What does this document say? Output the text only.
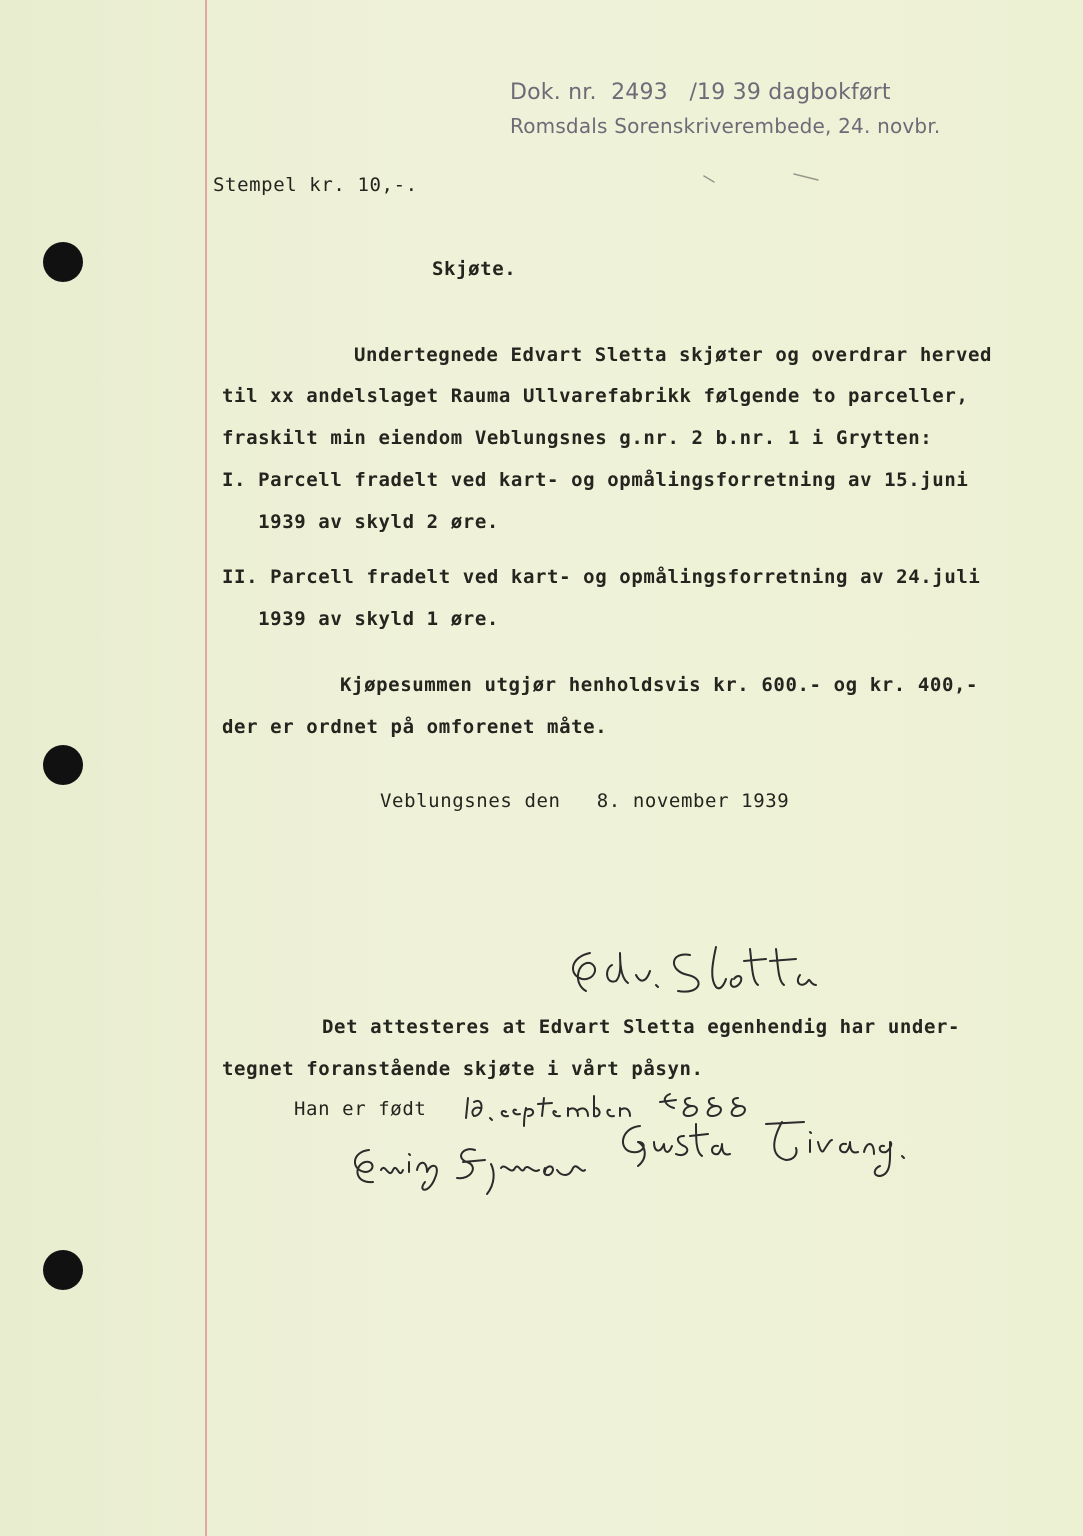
Dok. nr.  2493   /19 39 dagbokført
Romsdals Sorenskriverembede, 24. novbr.
Stempel kr. 10,-.
Skjøte.
Undertegnede Edvart Sletta skjøter og overdrar herved
til xx andelslaget Rauma Ullvarefabrikk følgende to parceller,
fraskilt min eiendom Veblungsnes g.nr. 2 b.nr. 1 i Grytten:
I. Parcell fradelt ved kart- og opmålingsforretning av 15.juni
1939 av skyld 2 øre.
II. Parcell fradelt ved kart- og opmålingsforretning av 24.juli
1939 av skyld 1 øre.
Kjøpesummen utgjør henholdsvis kr. 600.- og kr. 400,-
der er ordnet på omforenet måte.
Veblungsnes den   8. november 1939
Det attesteres at Edvart Sletta egenhendig har under-
tegnet foranstående skjøte i vårt påsyn.
Han er født
